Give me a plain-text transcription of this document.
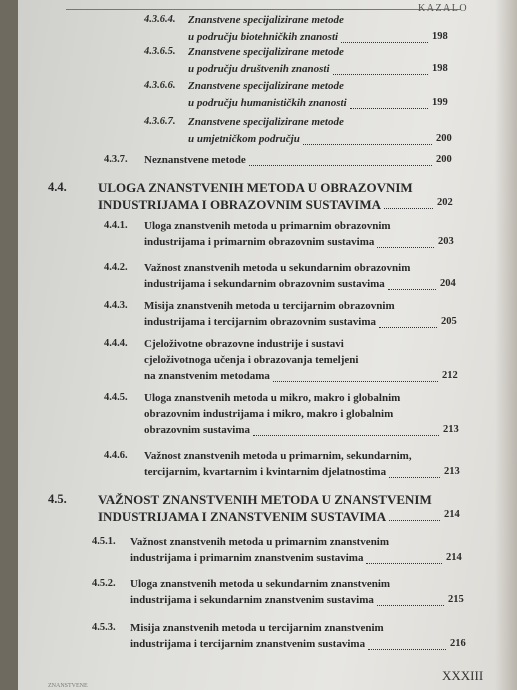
KAZALO
4.3.6.4. Znanstvene specijalizirane metode
u području biotehničkih znanosti	198
4.3.6.5. Znanstvene specijalizirane metode
u području društvenih znanosti	198
4.3.6.6. Znanstvene specijalizirane metode
u području humanističkih znanosti	199
4.3.6.7. Znanstvene specijalizirane metode
u umjetničkom području	200
4.3.7. Neznanstvene metode	200
4.4. ULOGA ZNANSTVENIH METODA U OBRAZOVNIM
INDUSTRIJAMA I OBRAZOVNIM SUSTAVIMA	202
4.4.1. Uloga znanstvenih metoda u primarnim obrazovnim
industrijama i primarnim obrazovnim sustavima	203
4.4.2. Važnost znanstvenih metoda u sekundarnim obrazovnim
industrijama i sekundarnim obrazovnim sustavima	204
4.4.3. Misija znanstvenih metoda u tercijarnim obrazovnim
industrijama i tercijarnim obrazovnim sustavima	205
4.4.4. Cjeloživotne obrazovne industrije i sustavi
cjeloživotnoga učenja i obrazovanja temeljeni
na znanstvenim metodama	212
4.4.5. Uloga znanstvenih metoda u mikro, makro i globalnim
obrazovnim industrijama i mikro, makro i globalnim
obrazovnim sustavima	213
4.4.6. Važnost znanstvenih metoda u primarnim, sekundarnim,
tercijarnim, kvartarnim i kvintarnim djelatnostima	213
4.5. VAŽNOST ZNANSTVENIH METODA U ZNANSTVENIM
INDUSTRIJAMA I ZNANSTVENIM SUSTAVIMA	214
4.5.1. Važnost znanstvenih metoda u primarnim znanstvenim
industrijama i primarnim znanstvenim sustavima	214
4.5.2. Uloga znanstvenih metoda u sekundarnim znanstvenim
industrijama i sekundarnim znanstvenim sustavima	215
4.5.3. Misija znanstvenih metoda u tercijarnim znanstvenim
industrijama i tercijarnim znanstvenim sustavima	216
XXXIII
ZNANSTVENE
